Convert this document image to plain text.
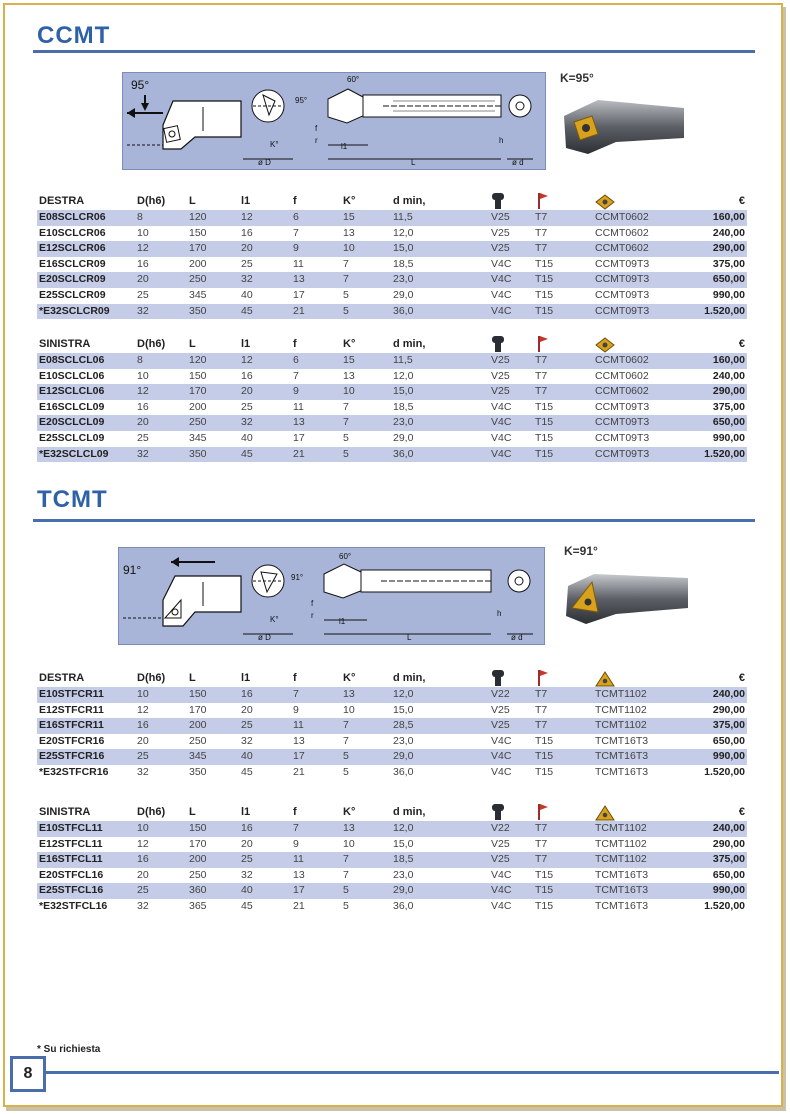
CCMT
95°
K°
ø D
95°
60°
f
r
l1
L
h
ø d
K=95°
DESTRA	D(h6)	L	l1	f	K°	d min,				€
E08SCLCR06	8	120	12	6	15	11,5	V25	T7	CCMT0602	160,00
E10SCLCR06	10	150	16	7	13	12,0	V25	T7	CCMT0602	240,00
E12SCLCR06	12	170	20	9	10	15,0	V25	T7	CCMT0602	290,00
E16SCLCR09	16	200	25	11	7	18,5	V4C	T15	CCMT09T3	375,00
E20SCLCR09	20	250	32	13	7	23,0	V4C	T15	CCMT09T3	650,00
E25SCLCR09	25	345	40	17	5	29,0	V4C	T15	CCMT09T3	990,00
*E32SCLCR09	32	350	45	21	5	36,0	V4C	T15	CCMT09T3	1.520,00
SINISTRA	D(h6)	L	l1	f	K°	d min,				€
E08SCLCL06	8	120	12	6	15	11,5	V25	T7	CCMT0602	160,00
E10SCLCL06	10	150	16	7	13	12,0	V25	T7	CCMT0602	240,00
E12SCLCL06	12	170	20	9	10	15,0	V25	T7	CCMT0602	290,00
E16SCLCL09	16	200	25	11	7	18,5	V4C	T15	CCMT09T3	375,00
E20SCLCL09	20	250	32	13	7	23,0	V4C	T15	CCMT09T3	650,00
E25SCLCL09	25	345	40	17	5	29,0	V4C	T15	CCMT09T3	990,00
*E32SCLCL09	32	350	45	21	5	36,0	V4C	T15	CCMT09T3	1.520,00
TCMT
91°
K°
ø D
91°
60°
f
r
l1
L
h
ø d
K=91°
DESTRA	D(h6)	L	l1	f	K°	d min,				€
E10STFCR11	10	150	16	7	13	12,0	V22	T7	TCMT1102	240,00
E12STFCR11	12	170	20	9	10	15,0	V25	T7	TCMT1102	290,00
E16STFCR11	16	200	25	11	7	28,5	V25	T7	TCMT1102	375,00
E20STFCR16	20	250	32	13	7	23,0	V4C	T15	TCMT16T3	650,00
E25STFCR16	25	345	40	17	5	29,0	V4C	T15	TCMT16T3	990,00
*E32STFCR16	32	350	45	21	5	36,0	V4C	T15	TCMT16T3	1.520,00
SINISTRA	D(h6)	L	l1	f	K°	d min,				€
E10STFCL11	10	150	16	7	13	12,0	V22	T7	TCMT1102	240,00
E12STFCL11	12	170	20	9	10	15,0	V25	T7	TCMT1102	290,00
E16STFCL11	16	200	25	11	7	18,5	V25	T7	TCMT1102	375,00
E20STFCL16	20	250	32	13	7	23,0	V4C	T15	TCMT16T3	650,00
E25STFCL16	25	360	40	17	5	29,0	V4C	T15	TCMT16T3	990,00
*E32STFCL16	32	365	45	21	5	36,0	V4C	T15	TCMT16T3	1.520,00
* Su richiesta
8
